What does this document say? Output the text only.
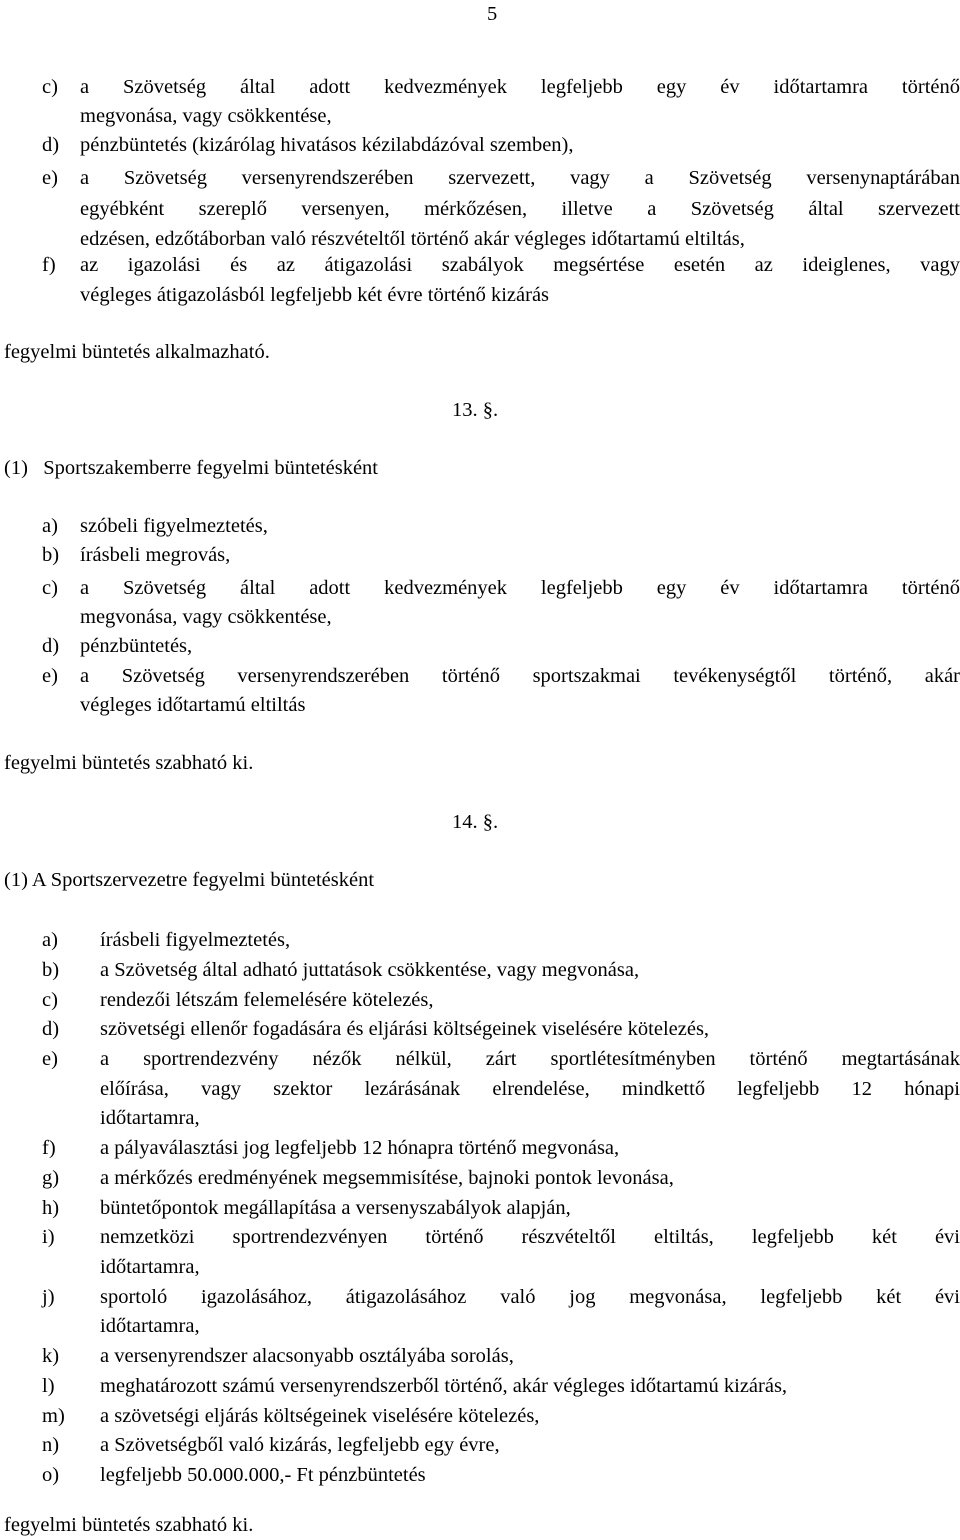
5
c) a Szövetség által adott kedvezmények legfeljebb egy év időtartamra történő
megvonása, vagy csökkentése,
d) pénzbüntetés (kizárólag hivatásos kézilabdázóval szemben),
e) a Szövetség versenyrendszerében szervezett, vagy a Szövetség versenynaptárában
egyébként szereplő versenyen, mérkőzésen, illetve a Szövetség által szervezett
edzésen, edzőtáborban való részvételtől történő akár végleges időtartamú eltiltás,
f) az igazolási és az átigazolási szabályok megsértése esetén az ideiglenes, vagy
végleges átigazolásból legfeljebb két évre történő kizárás
fegyelmi büntetés alkalmazható.
13. §.
(1)   Sportszakemberre fegyelmi büntetésként
a) szóbeli figyelmeztetés,
b) írásbeli megrovás,
c) a Szövetség által adott kedvezmények legfeljebb egy év időtartamra történő
megvonása, vagy csökkentése,
d) pénzbüntetés,
e) a Szövetség versenyrendszerében történő sportszakmai tevékenységtől történő, akár
végleges időtartamú eltiltás
fegyelmi büntetés szabható ki.
14. §.
(1) A Sportszervezetre fegyelmi büntetésként
a) írásbeli figyelmeztetés,
b) a Szövetség által adható juttatások csökkentése, vagy megvonása,
c) rendezői létszám felemelésére kötelezés,
d) szövetségi ellenőr fogadására és eljárási költségeinek viselésére kötelezés,
e) a sportrendezvény nézők nélkül, zárt sportlétesítményben történő megtartásának
előírása, vagy szektor lezárásának elrendelése, mindkettő legfeljebb 12 hónapi
időtartamra,
f) a pályaválasztási jog legfeljebb 12 hónapra történő megvonása,
g) a mérkőzés eredményének megsemmisítése, bajnoki pontok levonása,
h) büntetőpontok megállapítása a versenyszabályok alapján,
i) nemzetközi sportrendezvényen történő részvételtől eltiltás, legfeljebb két évi
időtartamra,
j) sportoló igazolásához, átigazolásához való jog megvonása, legfeljebb két évi
időtartamra,
k) a versenyrendszer alacsonyabb osztályába sorolás,
l) meghatározott számú versenyrendszerből történő, akár végleges időtartamú kizárás,
m) a szövetségi eljárás költségeinek viselésére kötelezés,
n) a Szövetségből való kizárás, legfeljebb egy évre,
o) legfeljebb 50.000.000,- Ft pénzbüntetés
fegyelmi büntetés szabható ki.
